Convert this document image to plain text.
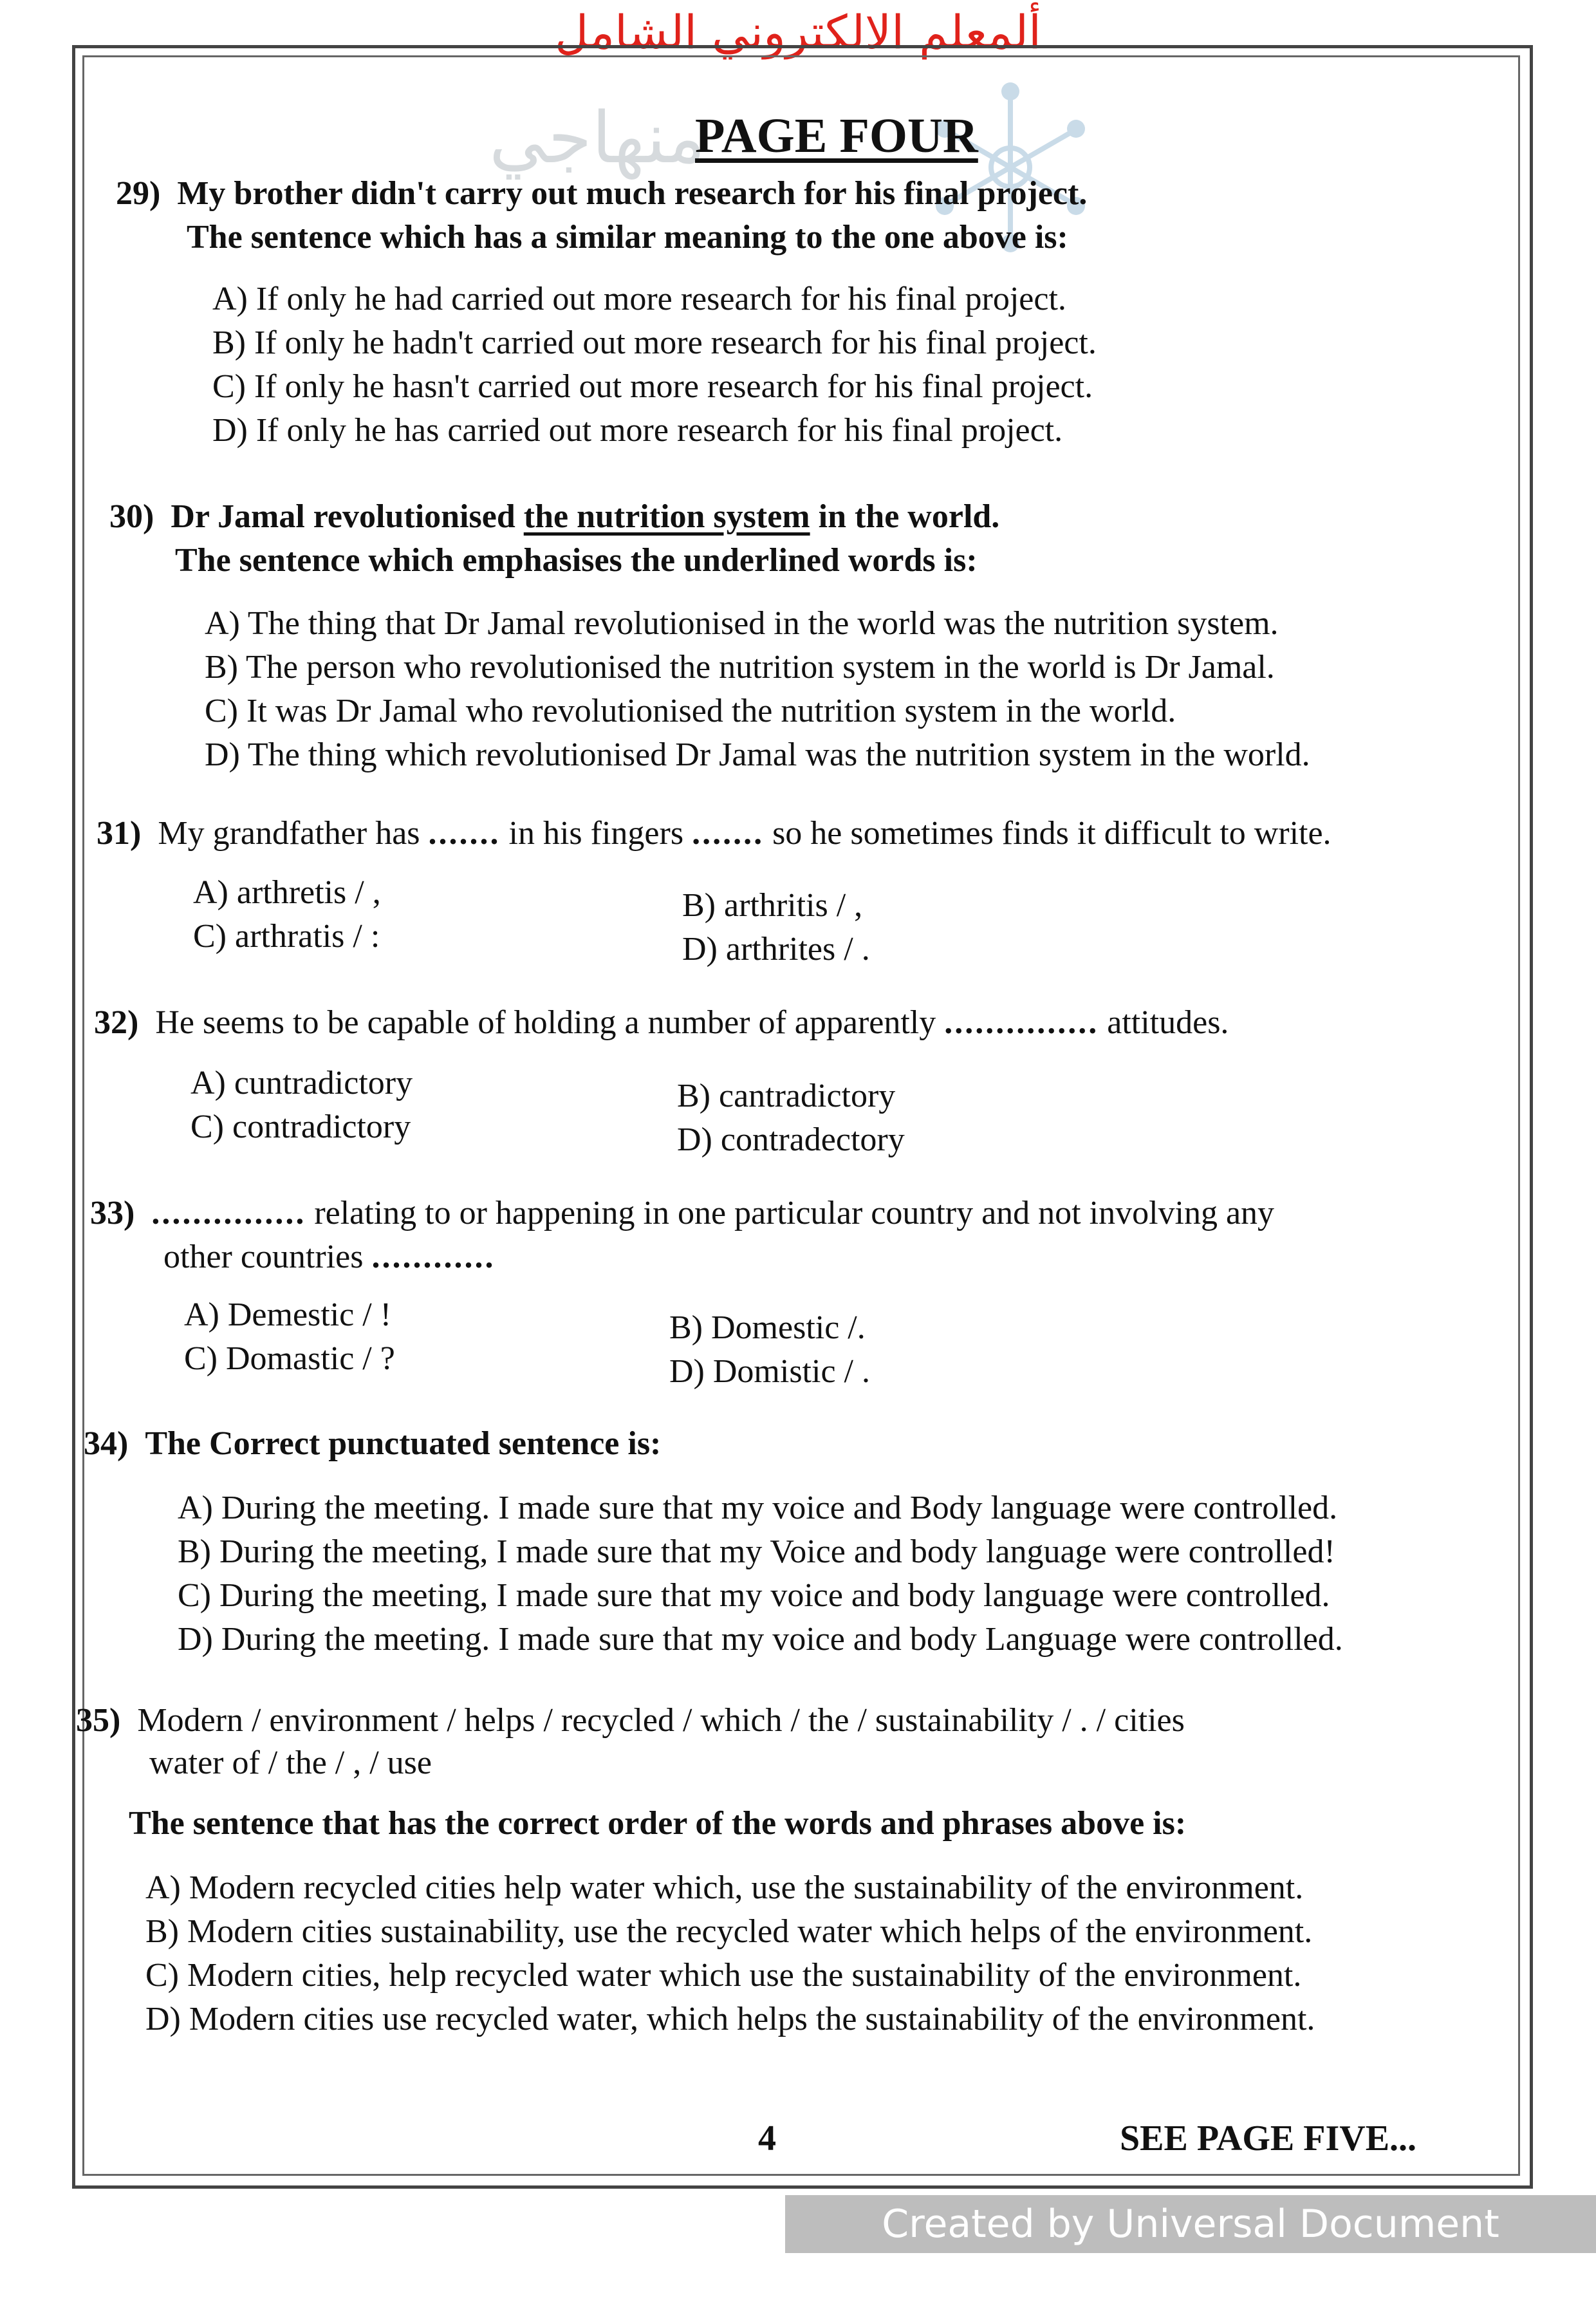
ألمعلم الالكتروني الشامل
منهاجي
PAGE FOUR
29) My brother didn't carry out much research for his final project.
The sentence which has a similar meaning to the one above is:
A) If only he had carried out more research for his final project.
B) If only he hadn't carried out more research for his final project.
C) If only he hasn't carried out more research for his final project.
D) If only he has carried out more research for his final project.
30) Dr Jamal revolutionised the nutrition system in the world.
The sentence which emphasises the underlined words is:
A) The thing that Dr Jamal revolutionised in the world was the nutrition system.
B) The person who revolutionised the nutrition system in the world is Dr Jamal.
C) It was Dr Jamal who revolutionised the nutrition system in the world.
D) The thing which revolutionised Dr Jamal was the nutrition system in the world.
31) My grandfather has ....... in his fingers ....... so he sometimes finds it difficult to write.
A) arthretis / ,	B) arthritis / ,
C) arthratis / :	D) arthrites / .
32) He seems to be capable of holding a number of apparently ............... attitudes.
A) cuntradictory	B) cantradictory
C) contradictory	D) contradectory
33) ............... relating to or happening in one particular country and not involving any
other countries ............
A) Demestic / !	B) Domestic /.
C) Domastic / ?	D) Domistic / .
34) The Correct punctuated sentence is:
A) During the meeting. I made sure that my voice and Body language were controlled.
B) During the meeting, I made sure that my Voice and body language were controlled!
C) During the meeting, I made sure that my voice and body language were controlled.
D) During the meeting. I made sure that my voice and body Language were controlled.
35) Modern / environment / helps / recycled / which / the / sustainability / . / cities
water of / the / , / use
The sentence that has the correct order of the words and phrases above is:
A) Modern recycled cities help water which, use the sustainability of the environment.
B) Modern cities sustainability, use the recycled water which helps of the environment.
C) Modern cities, help recycled water which use the sustainability of the environment.
D) Modern cities use recycled water, which helps the sustainability of the environment.
4	SEE PAGE FIVE...
Created by Universal Document Converter
